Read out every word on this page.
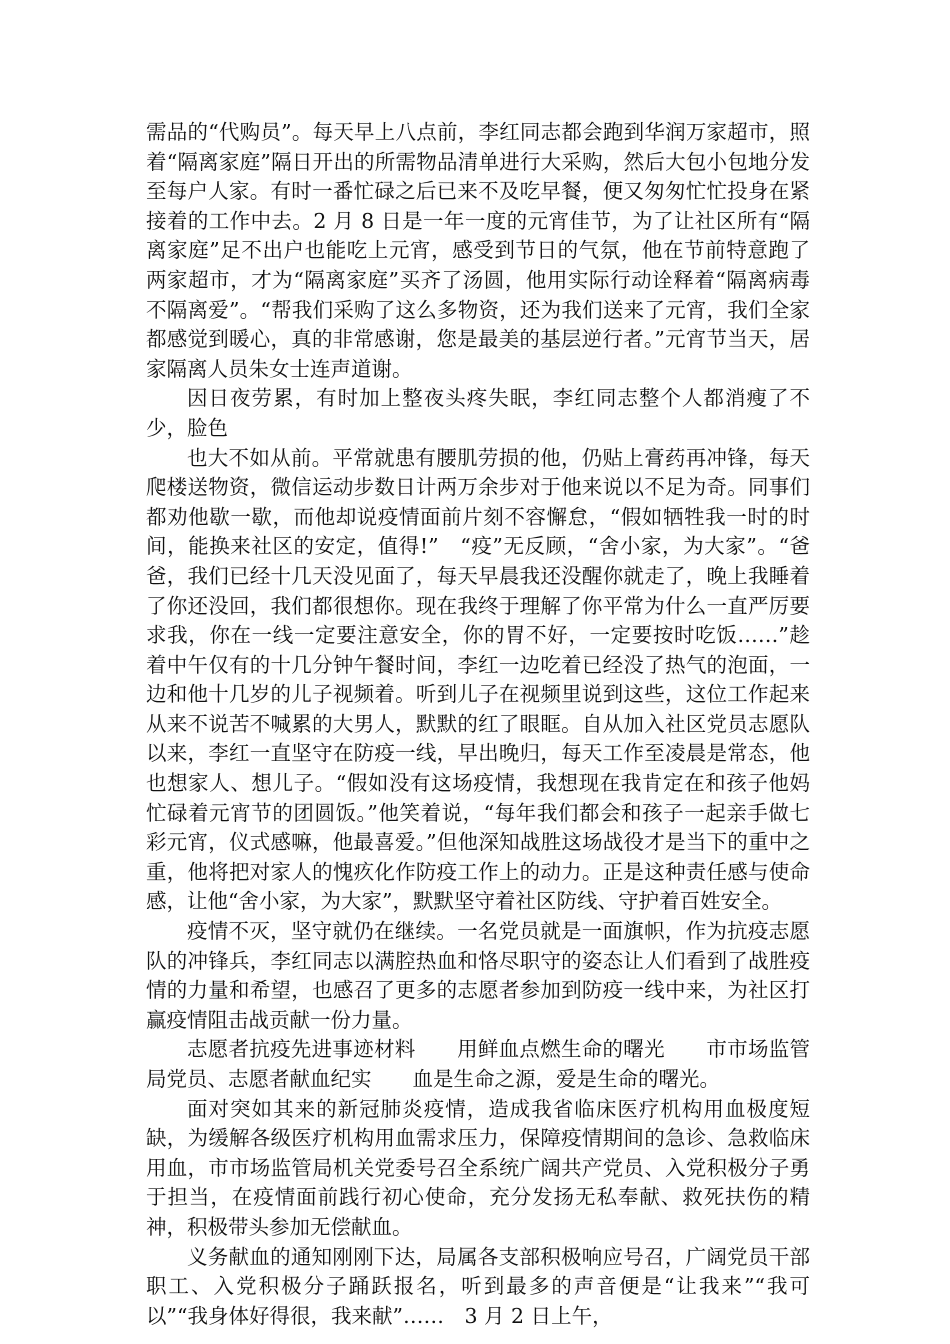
需品的“代购员”。每天早上八点前，李红同志都会跑到华润万家超市，照着“隔离家庭”隔日开出的所需物品清单进行大采购，然后大包小包地分发至每户人家。有时一番忙碌之后已来不及吃早餐，便又匆匆忙忙投身在紧接着的工作中去。2 月 8 日是一年一度的元宵佳节，为了让社区所有“隔离家庭”足不出户也能吃上元宵，感受到节日的气氛，他在节前特意跑了两家超市，才为“隔离家庭”买齐了汤圆，他用实际行动诠释着“隔离病毒不隔离爱”。“帮我们采购了这么多物资，还为我们送来了元宵，我们全家都感觉到暖心，真的非常感谢，您是最美的基层逆行者。”元宵节当天，居家隔离人员朱女士连声道谢。

因日夜劳累，有时加上整夜头疼失眠，李红同志整个人都消瘦了不少，脸色

也大不如从前。平常就患有腰肌劳损的他，仍贴上膏药再冲锋，每天爬楼送物资，微信运动步数日计两万余步对于他来说以不足为奇。同事们都劝他歇一歇，而他却说疫情面前片刻不容懈怠，“假如牺牲我一时的时间，能换来社区的安定，值得!”　“疫”无反顾，“舍小家，为大家”。“爸爸，我们已经十几天没见面了，每天早晨我还没醒你就走了，晚上我睡着了你还没回，我们都很想你。现在我终于理解了你平常为什么一直严厉要求我，你在一线一定要注意安全，你的胃不好，一定要按时吃饭……”趁着中午仅有的十几分钟午餐时间，李红一边吃着已经没了热气的泡面，一边和他十几岁的儿子视频着。听到儿子在视频里说到这些，这位工作起来从来不说苦不喊累的大男人，默默的红了眼眶。自从加入社区党员志愿队以来，李红一直坚守在防疫一线，早出晚归，每天工作至凌晨是常态，他也想家人、想儿子。“假如没有这场疫情，我想现在我肯定在和孩子他妈忙碌着元宵节的团圆饭。”他笑着说，“每年我们都会和孩子一起亲手做七彩元宵，仪式感嘛，他最喜爱。”但他深知战胜这场战役才是当下的重中之重，他将把对家人的愧疚化作防疫工作上的动力。正是这种责任感与使命感，让他“舍小家，为大家”，默默坚守着社区防线、守护着百姓安全。

疫情不灭，坚守就仍在继续。一名党员就是一面旗帜，作为抗疫志愿队的冲锋兵，李红同志以满腔热血和恪尽职守的姿态让人们看到了战胜疫情的力量和希望，也感召了更多的志愿者参加到防疫一线中来，为社区打赢疫情阻击战贡献一份力量。

志愿者抗疫先进事迹材料　　用鲜血点燃生命的曙光　　市市场监管局党员、志愿者献血纪实　　血是生命之源，爱是生命的曙光。

面对突如其来的新冠肺炎疫情，造成我省临床医疗机构用血极度短缺，为缓解各级医疗机构用血需求压力，保障疫情期间的急诊、急救临床用血，市市场监管局机关党委号召全系统广阔共产党员、入党积极分子勇于担当，在疫情面前践行初心使命，充分发扬无私奉献、救死扶伤的精神，积极带头参加无偿献血。

义务献血的通知刚刚下达，局属各支部积极响应号召，广阔党员干部职工、入党积极分子踊跃报名，听到最多的声音便是“让我来”“我可以”“我身体好得很，我来献”……　3 月 2 日上午，
